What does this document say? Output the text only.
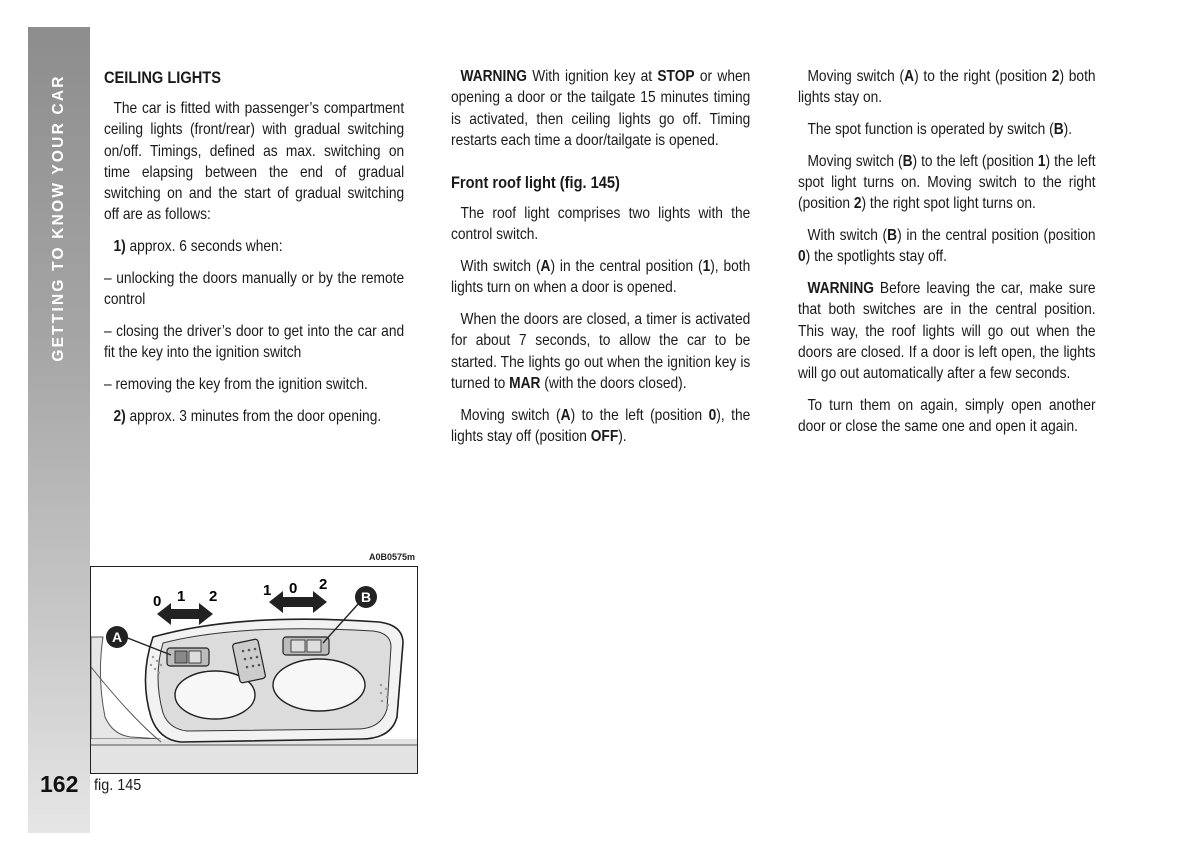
GETTING TO KNOW YOUR CAR CEILING LIGHTS

The car is fitted with passenger’s compartment ceiling lights (front/rear) with gradual switching on/off. Timings, defined as max. switching on time elapsing between the end of gradual switching on and the start of gradual switching off are as follows:

1) approx. 6 seconds when:

– unlocking the doors manually or by the remote control

– closing the driver’s door to get into the car and fit the key into the ignition switch

– removing the key from the ignition switch.

2) approx. 3 minutes from the door opening.

WARNING With ignition key at STOP or when opening a door or the tailgate 15 minutes timing is activated, then ceiling lights go off. Timing restarts each time a door/tailgate is opened.

Front roof light (fig. 145)

The roof light comprises two lights with the control switch.

With switch (A) in the central position (1), both lights turn on when a door is opened.

When the doors are closed, a timer is activated for about 7 seconds, to allow the car to be started. The lights go out when the ignition key is turned to MAR (with the doors closed).

Moving switch (A) to the left (position 0), the lights stay off (position OFF).

Moving switch (A) to the right (position 2) both lights stay on.

The spot function is operated by switch (B).

Moving switch (B) to the left (position 1) the left spot light turns on. Moving switch to the right (position 2) the right spot light turns on.

With switch (B) in the central position (position 0) the spotlights stay off.

WARNING Before leaving the car, make sure that both switches are in the central position. This way, the roof lights will go out when the doors are closed. If a door is left open, the lights will go out automatically after a few seconds.

To turn them on again, simply open another door or close the same one and open it again.

A0B0575m
0 1 2	1 0 2
B
A
162 fig. 145
